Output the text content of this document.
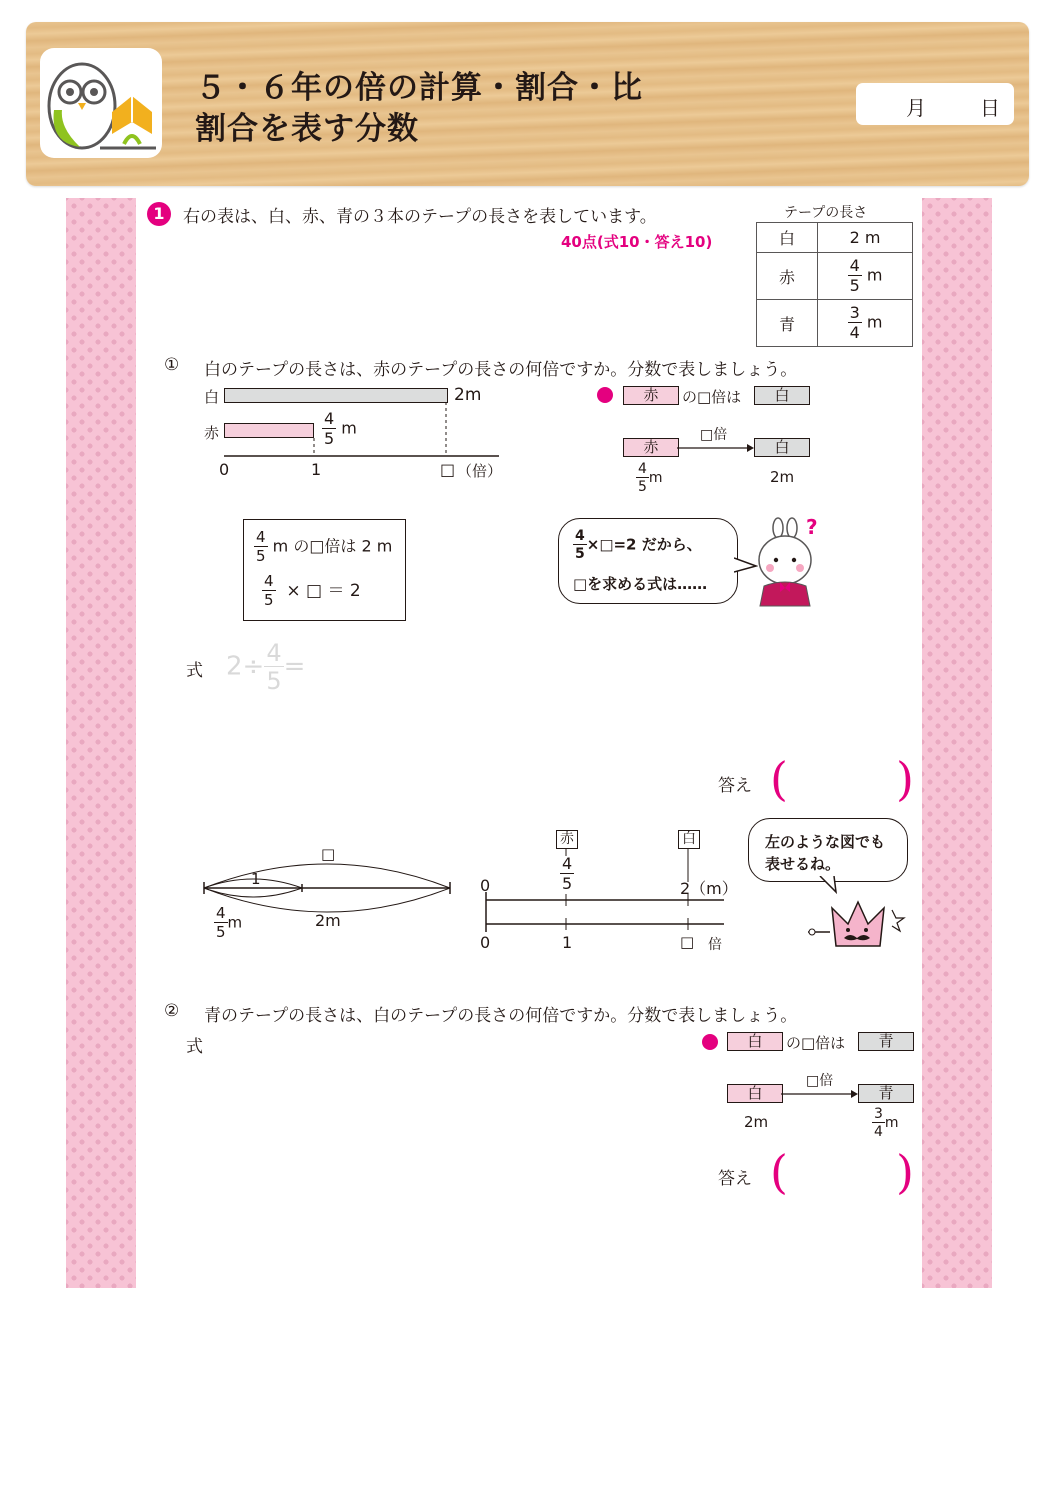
５・６年の倍の計算・割合・比
割合を表す分数
月	日
1	右の表は、白、赤、青の３本のテープの長さを表しています。
40点(式10・答え10)
テープの長さ
白	2 m
赤	$\frac{4}{5}$ m
青	$\frac{3}{4}$ m
① 白のテープの長さは、赤のテープの長さの何倍ですか。分数で表しましょう。
白	2m
赤	$\frac{4}{5}$ m
0	1	□ （倍）
赤	の□倍は	白
□倍
赤	白
$\frac{4}{5}$ m	2m
$\frac{4}{5}$ m の□倍は 2 m
$\frac{4}{5}$ × □ ＝ 2
$\frac{4}{5}$ ×□=2 だから、
□を求める式は……
?
式 $2\div \frac{4}{5}$ =
答え ( )
□
1
$\frac{4}{5}$ m	2m
赤	白
$\frac{4}{5}$
0	2（m）
0	1	□ 倍
左のような図でも
表せるね。
② 青のテープの長さは、白のテープの長さの何倍ですか。分数で表しましょう。
式	白	の□倍は	青
□倍
白	青
2m	$\frac{3}{4}$ m
答え ( )
